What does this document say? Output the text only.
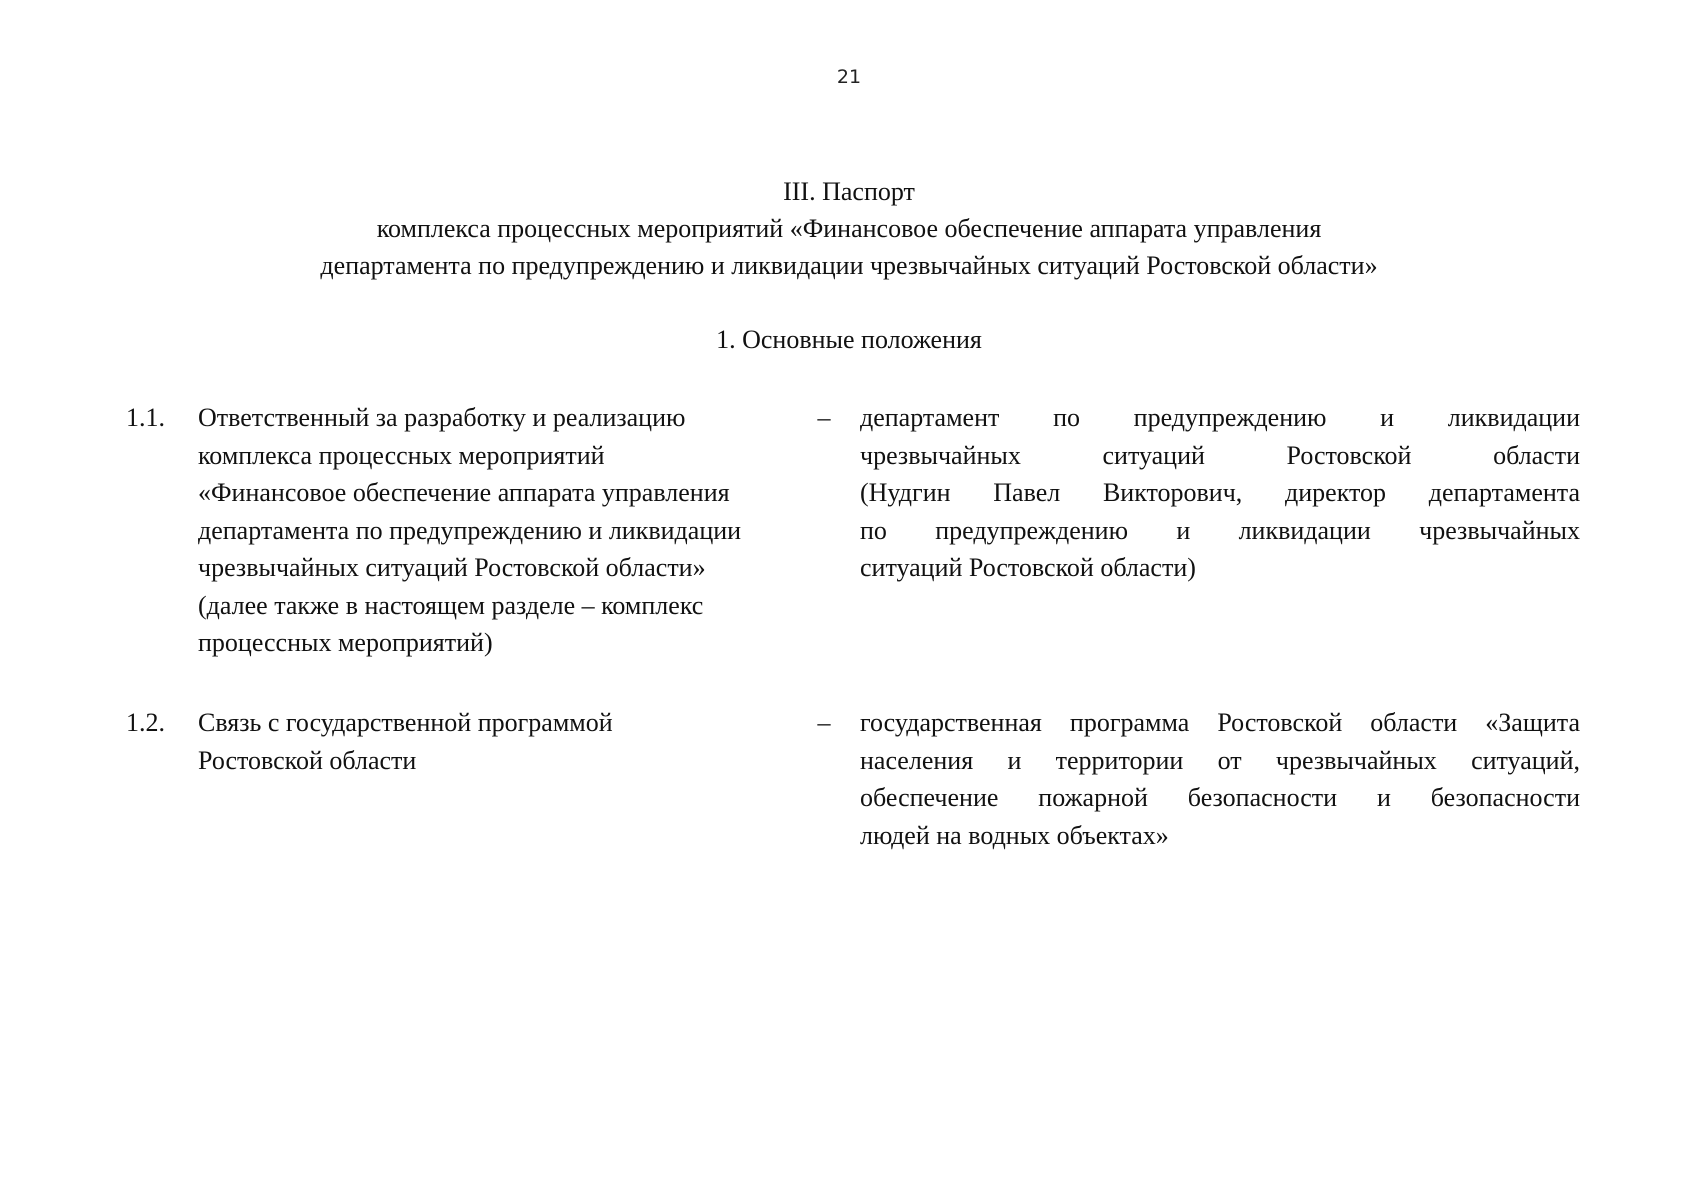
21
III. Паспорт
комплекса процессных мероприятий «Финансовое обеспечение аппарата управления
департамента по предупреждению и ликвидации чрезвычайных ситуаций Ростовской области»
1. Основные положения
1.1.	Ответственный за разработку и реализацию
комплекса процессных мероприятий
«Финансовое обеспечение аппарата управления
департамента по предупреждению и ликвидации
чрезвычайных ситуаций Ростовской области»
(далее также в настоящем разделе – комплекс
процессных мероприятий)
– департамент по предупреждению и ликвидации
чрезвычайных ситуаций Ростовской области
(Нудгин Павел Викторович, директор департамента
по предупреждению и ликвидации чрезвычайных
ситуаций Ростовской области)
1.2.	Связь с государственной программой
Ростовской области
– государственная программа Ростовской области «Защита
населения и территории от чрезвычайных ситуаций,
обеспечение пожарной безопасности и безопасности
людей на водных объектах»
